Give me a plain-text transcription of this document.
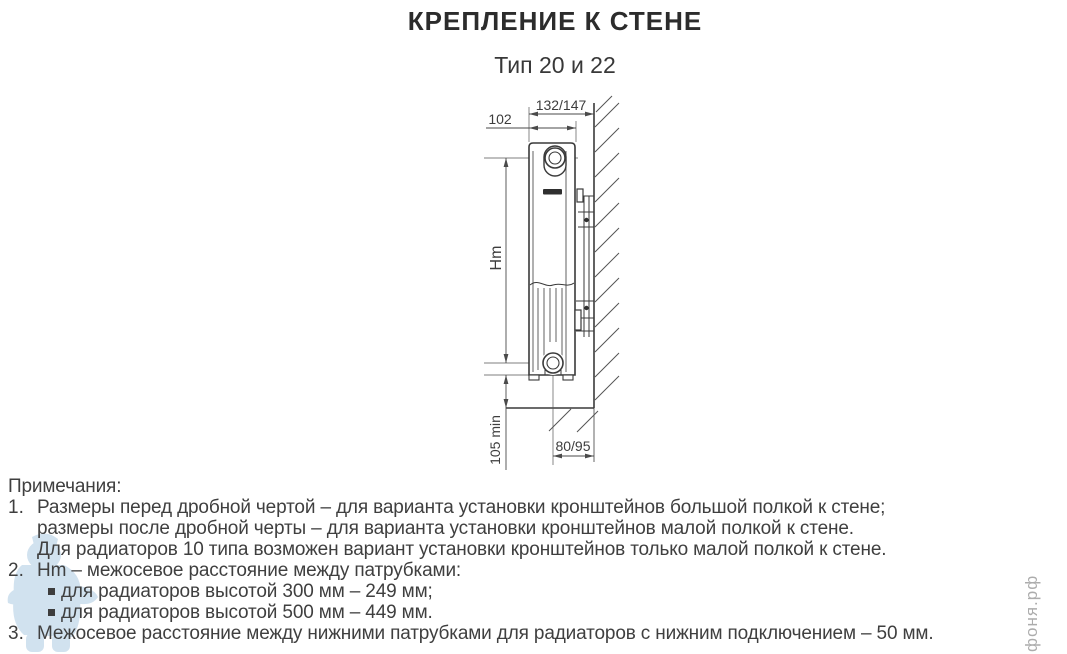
КРЕПЛЕНИЕ К СТЕНЕ
Тип 20 и 22
132/147
102
Hm
105 min	80/95
Примечания:
1. Размеры перед дробной чертой – для варианта установки кронштейнов большой полкой к стене;
размеры после дробной черты – для варианта установки кронштейнов малой полкой к стене.
Для радиаторов 10 типа возможен вариант установки кронштейнов только малой полкой к стене.
2. Hm – межосевое расстояние между патрубками:
для радиаторов высотой 300 мм – 249 мм;
для радиаторов высотой 500 мм – 449 мм.
3. Межосевое расстояние между нижними патрубками для радиаторов с нижним подключением – 50 мм.	фоня.рф
